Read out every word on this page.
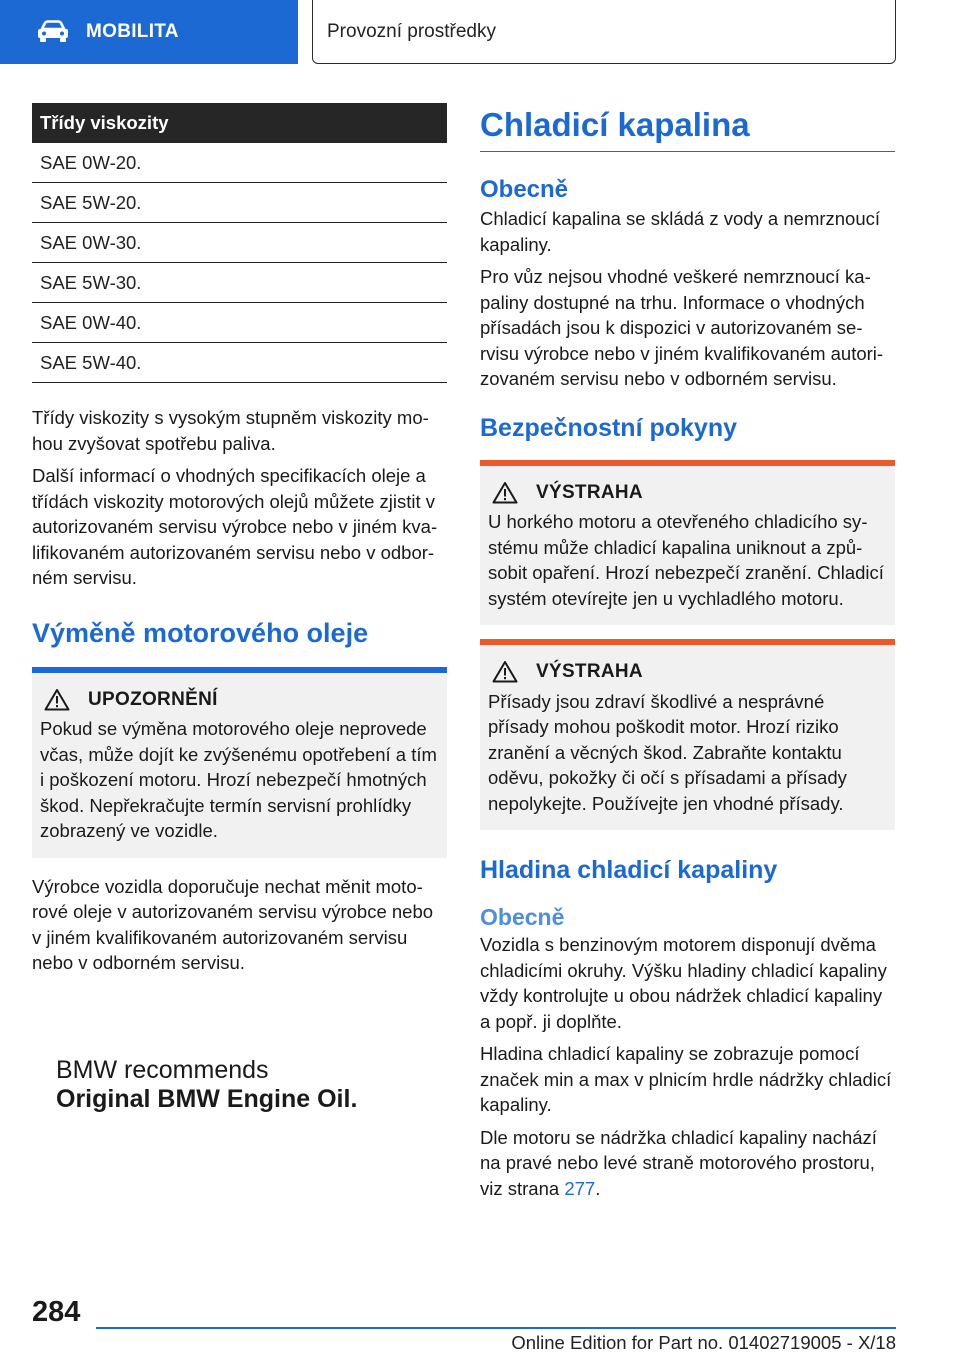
MOBILITA	Provozní prostředky
Třídy viskozity
SAE 0W-20.
SAE 5W-20.
SAE 0W-30.
SAE 5W-30.
SAE 0W-40.
SAE 5W-40.

Třídy viskozity s vysokým stupněm viskozity mohou zvyšovat spotřebu paliva.

Další informací o vhodných specifikacích oleje a třídách viskozity motorových olejů můžete zjistit v autorizovaném servisu výrobce nebo v jiném kvalifikovaném autorizovaném servisu nebo v odborném servisu.

Výměně motorového oleje
UPOZORNĚNÍ

Pokud se výměna motorového oleje neprovede včas, může dojít ke zvýšenému opotřebení a tím i poškození motoru. Hrozí nebezpečí hmotných škod. Nepřekračujte termín servisní prohlídky zobrazený ve vozidle.

Výrobce vozidla doporučuje nechat měnit motorové oleje v autorizovaném servisu výrobce nebo v jiném kvalifikovaném autorizovaném servisu nebo v odborném servisu.

BMW recommends
Original BMW Engine Oil.
Chladicí kapalina
Obecně

Chladicí kapalina se skládá z vody a nemrznoucí kapaliny.

Pro vůz nejsou vhodné veškeré nemrznoucí kapaliny dostupné na trhu. Informace o vhodných přísadách jsou k dispozici v autorizovaném servisu výrobce nebo v jiném kvalifikovaném autorizovaném servisu nebo v odborném servisu.

Bezpečnostní pokyny
VÝSTRAHA

U horkého motoru a otevřeného chladicího systému může chladicí kapalina uniknout a způsobit opaření. Hrozí nebezpečí zranění. Chladicí systém otevírejte jen u vychladlého motoru.

VÝSTRAHA

Přísady jsou zdraví škodlivé a nesprávné přísady mohou poškodit motor. Hrozí riziko zranění a věcných škod. Zabraňte kontaktu oděvu, pokožky či očí s přísadami a přísady nepolykejte. Používejte jen vhodné přísady.

Hladina chladicí kapaliny
Obecně

Vozidla s benzinovým motorem disponují dvěma chladicími okruhy. Výšku hladiny chladicí kapaliny vždy kontrolujte u obou nádržek chladicí kapaliny a popř. ji doplňte.

Hladina chladicí kapaliny se zobrazuje pomocí značek min a max v plnicím hrdle nádržky chladicí kapaliny.

Dle motoru se nádržka chladicí kapaliny nachází na pravé nebo levé straně motorového prostoru, viz strana 277.

284
Online Edition for Part no. 01402719005 - X/18
